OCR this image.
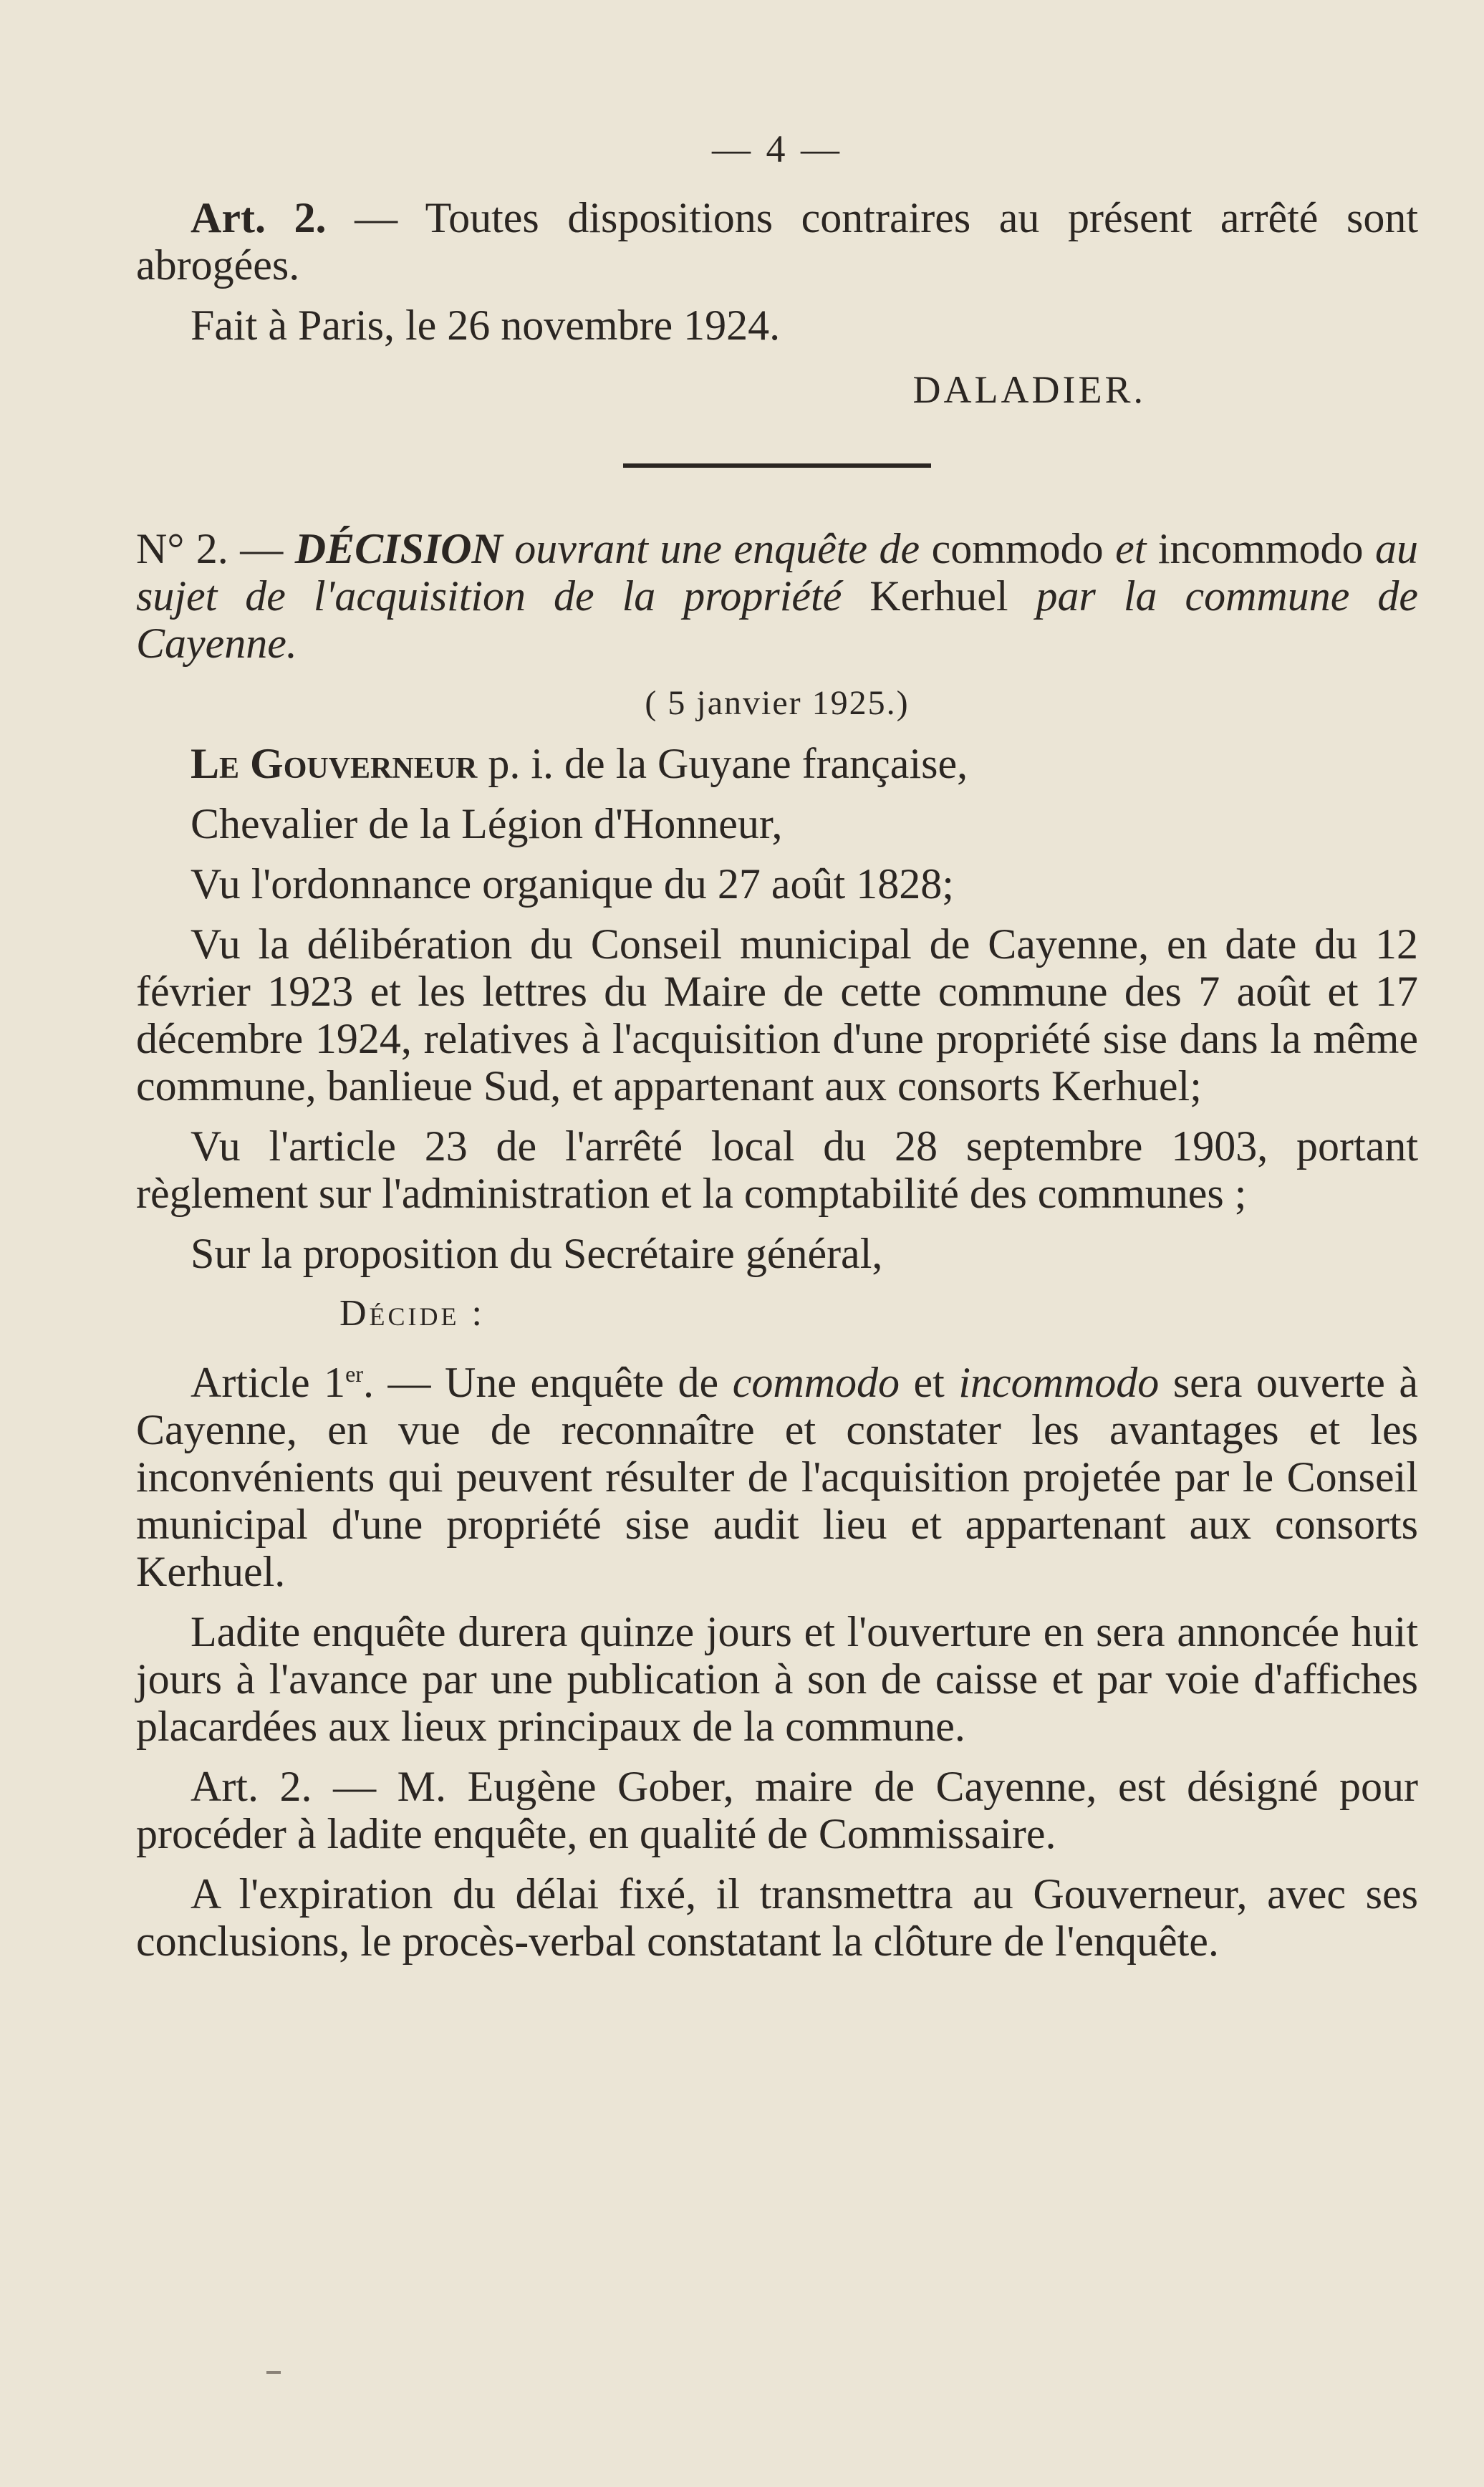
— 4 —

Art. 2. — Toutes dispositions contraires au présent arrêté sont abrogées.

Fait à Paris, le 26 novembre 1924.

DALADIER.

N° 2. — DÉCISION ouvrant une enquête de commodo et incommodo au sujet de l'acquisition de la propriété Kerhuel par la commune de Cayenne.

( 5 janvier 1925.)

Le Gouverneur p. i. de la Guyane française,

Chevalier de la Légion d'Honneur,

Vu l'ordonnance organique du 27 août 1828;

Vu la délibération du Conseil municipal de Cayenne, en date du 12 février 1923 et les lettres du Maire de cette commune des 7 août et 17 décembre 1924, relatives à l'acquisition d'une propriété sise dans la même commune, banlieue Sud, et appartenant aux consorts Kerhuel;

Vu l'article 23 de l'arrêté local du 28 septembre 1903, portant règlement sur l'administration et la comptabilité des communes ;

Sur la proposition du Secrétaire général,

Décide :

Article 1er. — Une enquête de commodo et incommodo sera ouverte à Cayenne, en vue de reconnaître et constater les avantages et les inconvénients qui peuvent résulter de l'acquisition projetée par le Conseil municipal d'une propriété sise audit lieu et appartenant aux consorts Kerhuel.

Ladite enquête durera quinze jours et l'ouverture en sera annoncée huit jours à l'avance par une publication à son de caisse et par voie d'affiches placardées aux lieux principaux de la commune.

Art. 2. — M. Eugène Gober, maire de Cayenne, est désigné pour procéder à ladite enquête, en qualité de Commissaire.

A l'expiration du délai fixé, il transmettra au Gouverneur, avec ses conclusions, le procès-verbal constatant la clôture de l'enquête.
